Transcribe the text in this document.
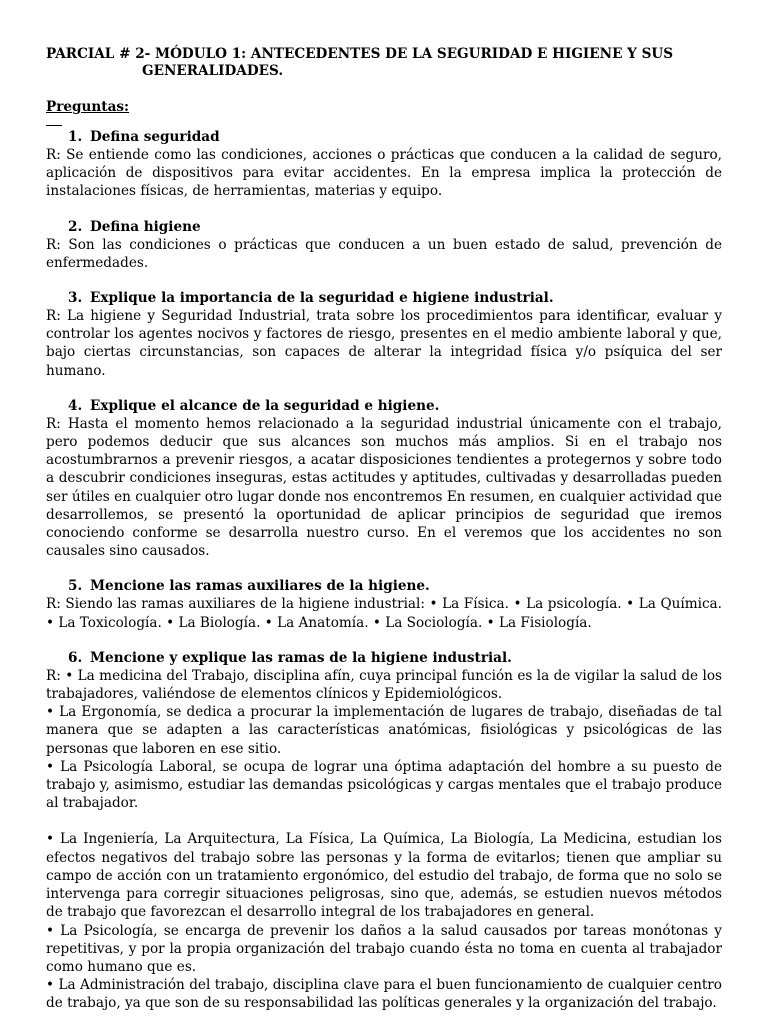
PARCIAL # 2- MÓDULO 1: ANTECEDENTES DE LA SEGURIDAD E HIGIENE Y SUS
GENERALIDADES.
Preguntas:
1. Defina seguridad

R: Se entiende como las condiciones, acciones o prácticas que conducen a la calidad de seguro, aplicación de dispositivos para evitar accidentes. En la empresa implica la protección de instalaciones físicas, de herramientas, materias y equipo.

2. Defina higiene

R: Son las condiciones o prácticas que conducen a un buen estado de salud, prevención de enfermedades.

3. Explique la importancia de la seguridad e higiene industrial.

R: La higiene y Seguridad Industrial, trata sobre los procedimientos para identificar, evaluar y controlar los agentes nocivos y factores de riesgo, presentes en el medio ambiente laboral y que, bajo ciertas circunstancias, son capaces de alterar la integridad física y/o psíquica del ser humano.

4. Explique el alcance de la seguridad e higiene.

R: Hasta el momento hemos relacionado a la seguridad industrial únicamente con el trabajo, pero podemos deducir que sus alcances son muchos más amplios. Si en el trabajo nos acostumbrarnos a prevenir riesgos, a acatar disposiciones tendientes a protegernos y sobre todo a descubrir condiciones inseguras, estas actitudes y aptitudes, cultivadas y desarrolladas pueden ser útiles en cualquier otro lugar donde nos encontremos En resumen, en cualquier actividad que desarrollemos, se presentó la oportunidad de aplicar principios de seguridad que iremos conociendo conforme se desarrolla nuestro curso. En el veremos que los accidentes no son causales sino causados.

5. Mencione las ramas auxiliares de la higiene.

R: Siendo las ramas auxiliares de la higiene industrial: • La Física. • La psicología. • La Química. • La Toxicología. • La Biología. • La Anatomía. • La Sociología. • La Fisiología.

6. Mencione y explique las ramas de la higiene industrial.

R: • La medicina del Trabajo, disciplina afín, cuya principal función es la de vigilar la salud de los trabajadores, valiéndose de elementos clínicos y Epidemiológicos.

• La Ergonomía, se dedica a procurar la implementación de lugares de trabajo, diseñadas de tal manera que se adapten a las características anatómicas, fisiológicas y psicológicas de las personas que laboren en ese sitio.

• La Psicología Laboral, se ocupa de lograr una óptima adaptación del hombre a su puesto de trabajo y, asimismo, estudiar las demandas psicológicas y cargas mentales que el trabajo produce al trabajador.

• La Ingeniería, La Arquitectura, La Física, La Química, La Biología, La Medicina, estudian los efectos negativos del trabajo sobre las personas y la forma de evitarlos; tienen que ampliar su campo de acción con un tratamiento ergonómico, del estudio del trabajo, de forma que no solo se intervenga para corregir situaciones peligrosas, sino que, además, se estudien nuevos métodos de trabajo que favorezcan el desarrollo integral de los trabajadores en general.

• La Psicología, se encarga de prevenir los daños a la salud causados por tareas monótonas y repetitivas, y por la propia organización del trabajo cuando ésta no toma en cuenta al trabajador como humano que es.

• La Administración del trabajo, disciplina clave para el buen funcionamiento de cualquier centro de trabajo, ya que son de su responsabilidad las políticas generales y la organización del trabajo.
